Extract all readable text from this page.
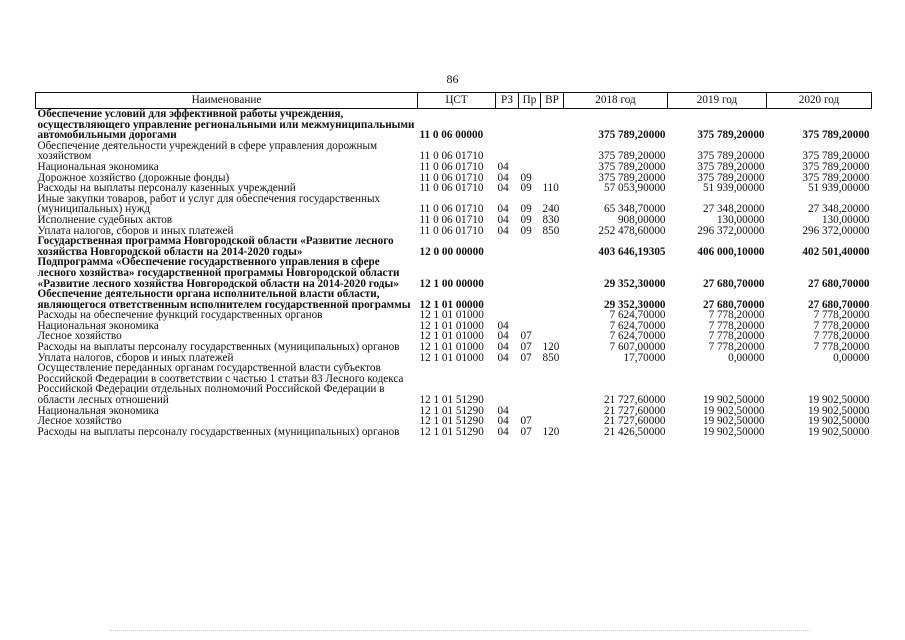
86
Наименование	ЦСТ	РЗ	Пр	ВР	2018 год	2019 год	2020 год
Обеспечение условий для эффективной работы учреждения, осуществляющего управление региональными или межмуниципальными автомобильными дорогами	11 0 06 00000				375 789,20000	375 789,20000	375 789,20000
Обеспечение деятельности учреждений в сфере управления дорожным хозяйством	11 0 06 01710				375 789,20000	375 789,20000	375 789,20000
Национальная экономика	11 0 06 01710	04			375 789,20000	375 789,20000	375 789,20000
Дорожное хозяйство (дорожные фонды)	11 0 06 01710	04	09		375 789,20000	375 789,20000	375 789,20000
Расходы на выплаты персоналу казенных учреждений	11 0 06 01710	04	09	110	57 053,90000	51 939,00000	51 939,00000
Иные закупки товаров, работ и услуг для обеспечения государственных (муниципальных) нужд	11 0 06 01710	04	09	240	65 348,70000	27 348,20000	27 348,20000
Исполнение судебных актов	11 0 06 01710	04	09	830	908,00000	130,00000	130,00000
Уплата налогов, сборов и иных платежей	11 0 06 01710	04	09	850	252 478,60000	296 372,00000	296 372,00000
Государственная программа Новгородской области «Развитие лесного хозяйства Новгородской области на 2014-2020 годы»	12 0 00 00000				403 646,19305	406 000,10000	402 501,40000
Подпрограмма «Обеспечение государственного управления в сфере лесного хозяйства» государственной программы Новгородской области «Развитие лесного хозяйства Новгородской области на 2014-2020 годы»	12 1 00 00000				29 352,30000	27 680,70000	27 680,70000
Обеспечение деятельности органа исполнительной власти области, являющегося ответственным исполнителем государственной программы	12 1 01 00000				29 352,30000	27 680,70000	27 680,70000
Расходы на обеспечение функций государственных органов	12 1 01 01000				7 624,70000	7 778,20000	7 778,20000
Национальная экономика	12 1 01 01000	04			7 624,70000	7 778,20000	7 778,20000
Лесное хозяйство	12 1 01 01000	04	07		7 624,70000	7 778,20000	7 778,20000
Расходы на выплаты персоналу государственных (муниципальных) органов	12 1 01 01000	04	07	120	7 607,00000	7 778,20000	7 778,20000
Уплата налогов, сборов и иных платежей	12 1 01 01000	04	07	850	17,70000	0,00000	0,00000
Осуществление переданных органам государственной власти субъектов Российской Федерации в соответствии с частью 1 статьи 83 Лесного кодекса Российской Федерации отдельных полномочий Российской Федерации в области лесных отношений	12 1 01 51290				21 727,60000	19 902,50000	19 902,50000
Национальная экономика	12 1 01 51290	04			21 727,60000	19 902,50000	19 902,50000
Лесное хозяйство	12 1 01 51290	04	07		21 727,60000	19 902,50000	19 902,50000
Расходы на выплаты персоналу государственных (муниципальных) органов	12 1 01 51290	04	07	120	21 426,50000	19 902,50000	19 902,50000
